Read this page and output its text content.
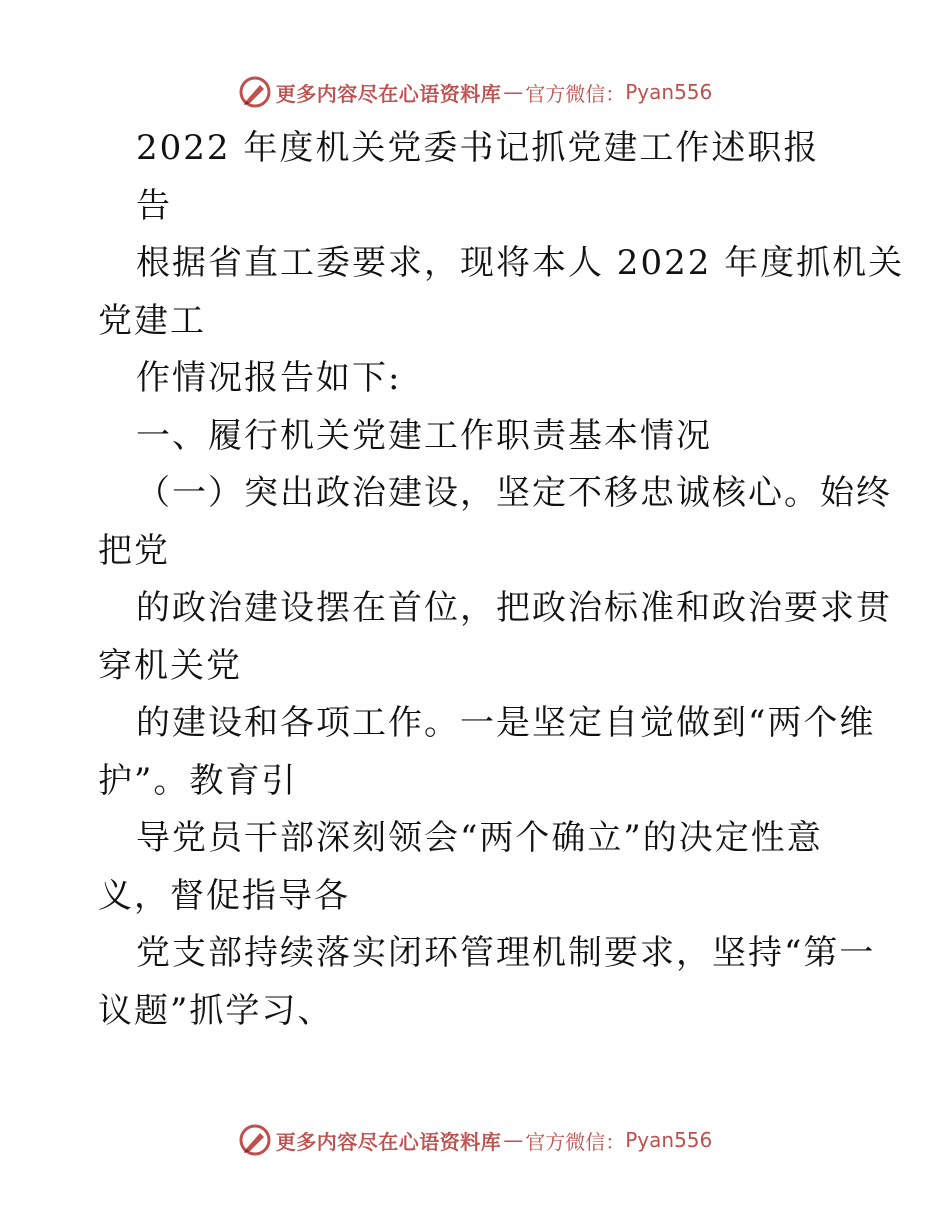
更多内容尽在心语资料库 — 官方微信： Pyan556
2022 年度机关党委书记抓党建工作述职报
告
根据省直工委要求，现将本人 2022 年度抓机关
党建工
作情况报告如下:
一、履行机关党建工作职责基本情况
（一）突出政治建设，坚定不移忠诚核心。始终
把党
的政治建设摆在首位，把政治标准和政治要求贯
穿机关党
的建设和各项工作。一是坚定自觉做到“两个维
护”。教育引
导党员干部深刻领会“两个确立”的决定性意
义，督促指导各
党支部持续落实闭环管理机制要求，坚持“第一
议题”抓学习、
更多内容尽在心语资料库 — 官方微信： Pyan556
